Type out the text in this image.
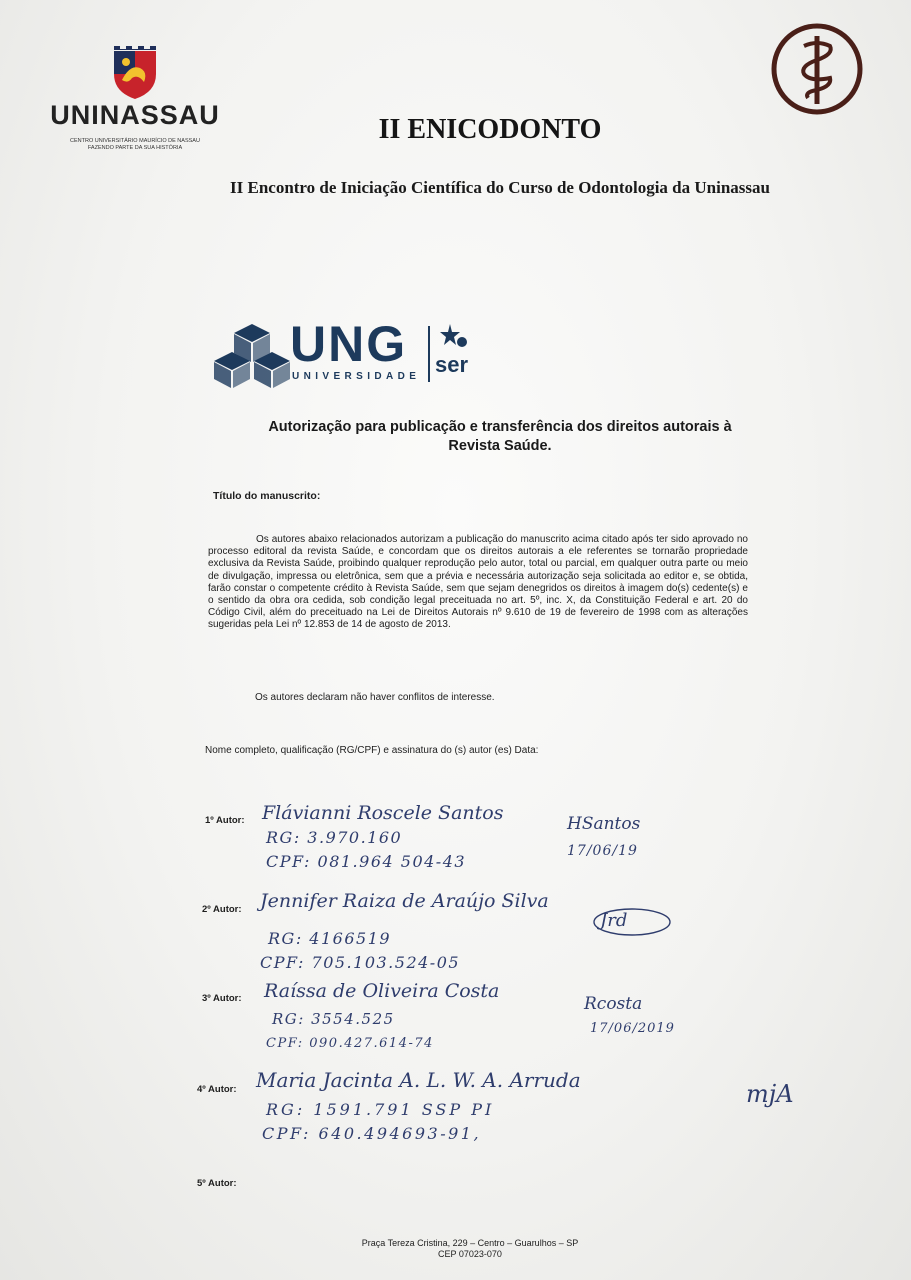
UNINASSAU
CENTRO UNIVERSITÁRIO MAURÍCIO DE NASSAU
FAZENDO PARTE DA SUA HISTÓRIA
II ENICODONTO
II Encontro de Iniciação Científica do Curso de Odontologia da Uninassau
UNG
UNIVERSIDADE ser
Autorização para publicação e transferência dos direitos autorais à
Revista Saúde.
Título do manuscrito:
Os autores abaixo relacionados autorizam a publicação do manuscrito acima citado após ter sido aprovado no processo editoral da revista Saúde, e concordam que os direitos autorais a ele referentes se tornarão propriedade exclusiva da Revista Saúde, proibindo qualquer reprodução pelo autor, total ou parcial, em qualquer outra parte ou meio de divulgação, impressa ou eletrônica, sem que a prévia e necessária autorização seja solicitada ao editor e, se obtida, farão constar o competente crédito à Revista Saúde, sem que sejam denegridos os direitos à imagem do(s) cedente(s) e o sentido da obra ora cedida, sob condição legal preceituada no art. 5º, inc. X, da Constituição Federal e art. 20 do Código Civil, além do preceituado na Lei de Direitos Autorais nº 9.610 de 19 de fevereiro de 1998 com as alterações sugeridas pela Lei nº 12.853 de 14 de agosto de 2013.
Os autores declaram não haver conflitos de interesse.
Nome completo, qualificação (RG/CPF) e assinatura do (s) autor (es) Data:
1º Autor: Flávianni Roscele Santos
RG: 3.970.160
CPF: 081.964 504-43
HSantos
17/06/19
2º Autor: Jennifer Raiza de Araújo Silva
RG: 4166519
CPF: 705.103.524-05
Jrd
3º Autor: Raíssa de Oliveira Costa
RG: 3554.525
CPF: 090.427.614-74
Rcosta
17/06/2019
4º Autor: Maria Jacinta A. L. W. A. Arruda
RG: 1591.791 SSP PI
CPF: 640.494693-91,
mjA
5º Autor:
Praça Tereza Cristina, 229 – Centro – Guarulhos – SP
CEP 07023-070
